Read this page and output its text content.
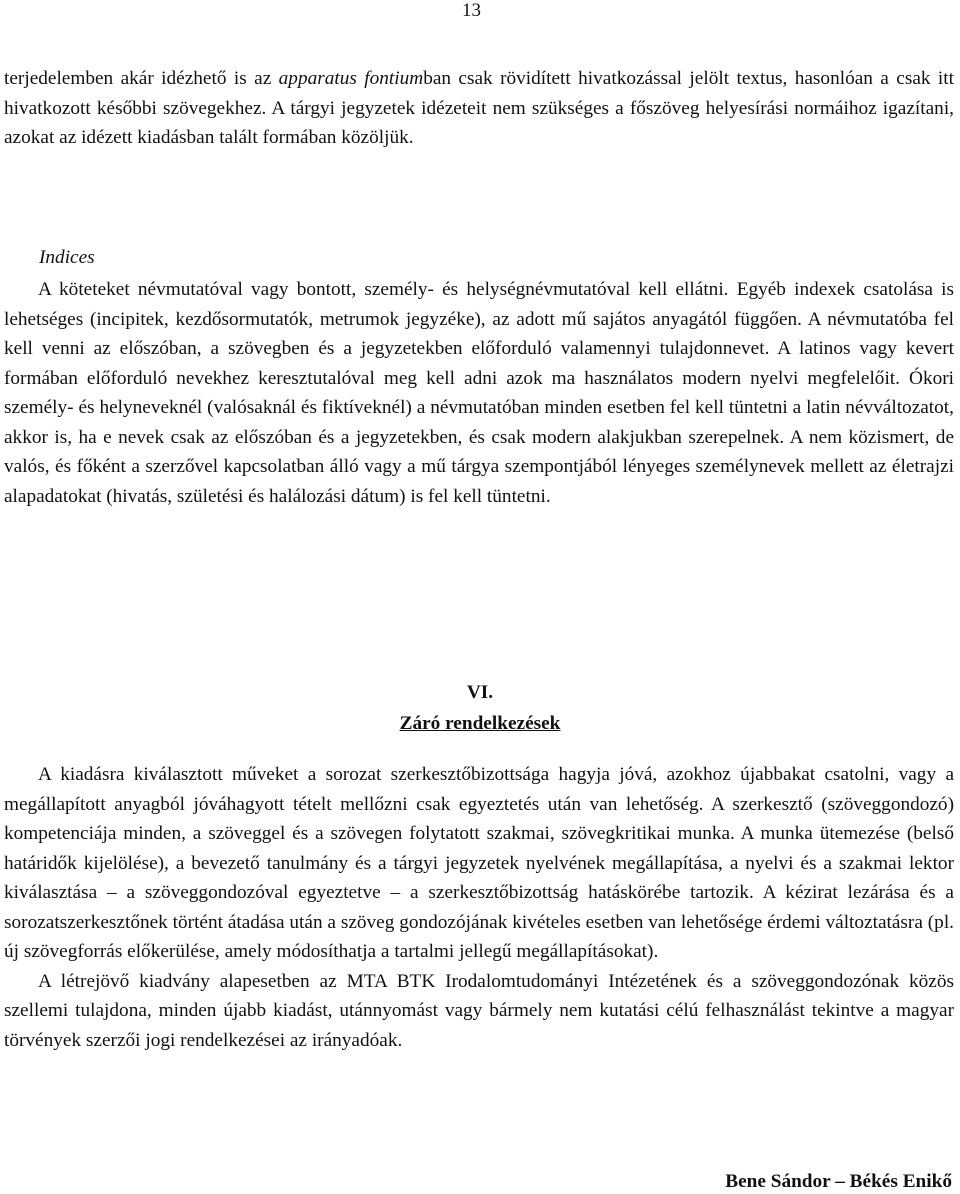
13

terjedelemben akár idézhető is az apparatus fontiumban csak rövidített hivatkozással jelölt textus, hasonlóan a csak itt hivatkozott későbbi szövegekhez. A tárgyi jegyzetek idézeteit nem szükséges a főszöveg helyesírási normáihoz igazítani, azokat az idézett kiadásban talált formában közöljük.

Indices

A köteteket névmutatóval vagy bontott, személy- és helységnévmutatóval kell ellátni. Egyéb indexek csatolása is lehetséges (incipitek, kezdősormutatók, metrumok jegyzéke), az adott mű sajátos anyagától függően. A névmutatóba fel kell venni az előszóban, a szövegben és a jegyzetekben előforduló valamennyi tulajdonnevet. A latinos vagy kevert formában előforduló nevekhez keresztutalóval meg kell adni azok ma használatos modern nyelvi megfelelőit. Ókori személy- és helyneveknél (valósaknál és fiktíveknél) a névmutatóban minden esetben fel kell tüntetni a latin névváltozatot, akkor is, ha e nevek csak az előszóban és a jegyzetekben, és csak modern alakjukban szerepelnek. A nem közismert, de valós, és főként a szerzővel kapcsolatban álló vagy a mű tárgya szempontjából lényeges személynevek mellett az életrajzi alapadatokat (hivatás, születési és halálozási dátum) is fel kell tüntetni.

VI.
Záró rendelkezések

A kiadásra kiválasztott műveket a sorozat szerkesztőbizottsága hagyja jóvá, azokhoz újabbakat csatolni, vagy a megállapított anyagból jóváhagyott tételt mellőzni csak egyeztetés után van lehetőség. A szerkesztő (szöveggondozó) kompetenciája minden, a szöveggel és a szövegen folytatott szakmai, szövegkritikai munka. A munka ütemezése (belső határidők kijelölése), a bevezető tanulmány és a tárgyi jegyzetek nyelvének megállapítása, a nyelvi és a szakmai lektor kiválasztása – a szöveggondozóval egyeztetve – a szerkesztőbizottság hatáskörébe tartozik. A kézirat lezárása és a sorozatszerkesztőnek történt átadása után a szöveg gondozójának kivételes esetben van lehetősége érdemi változtatásra (pl. új szövegforrás előkerülése, amely módosíthatja a tartalmi jellegű megállapításokat).

A létrejövő kiadvány alapesetben az MTA BTK Irodalomtudományi Intézetének és a szöveggondozónak közös szellemi tulajdona, minden újabb kiadást, utánnyomást vagy bármely nem kutatási célú felhasználást tekintve a magyar törvények szerzői jogi rendelkezései az irányadóak.

Bene Sándor – Békés Enikő
